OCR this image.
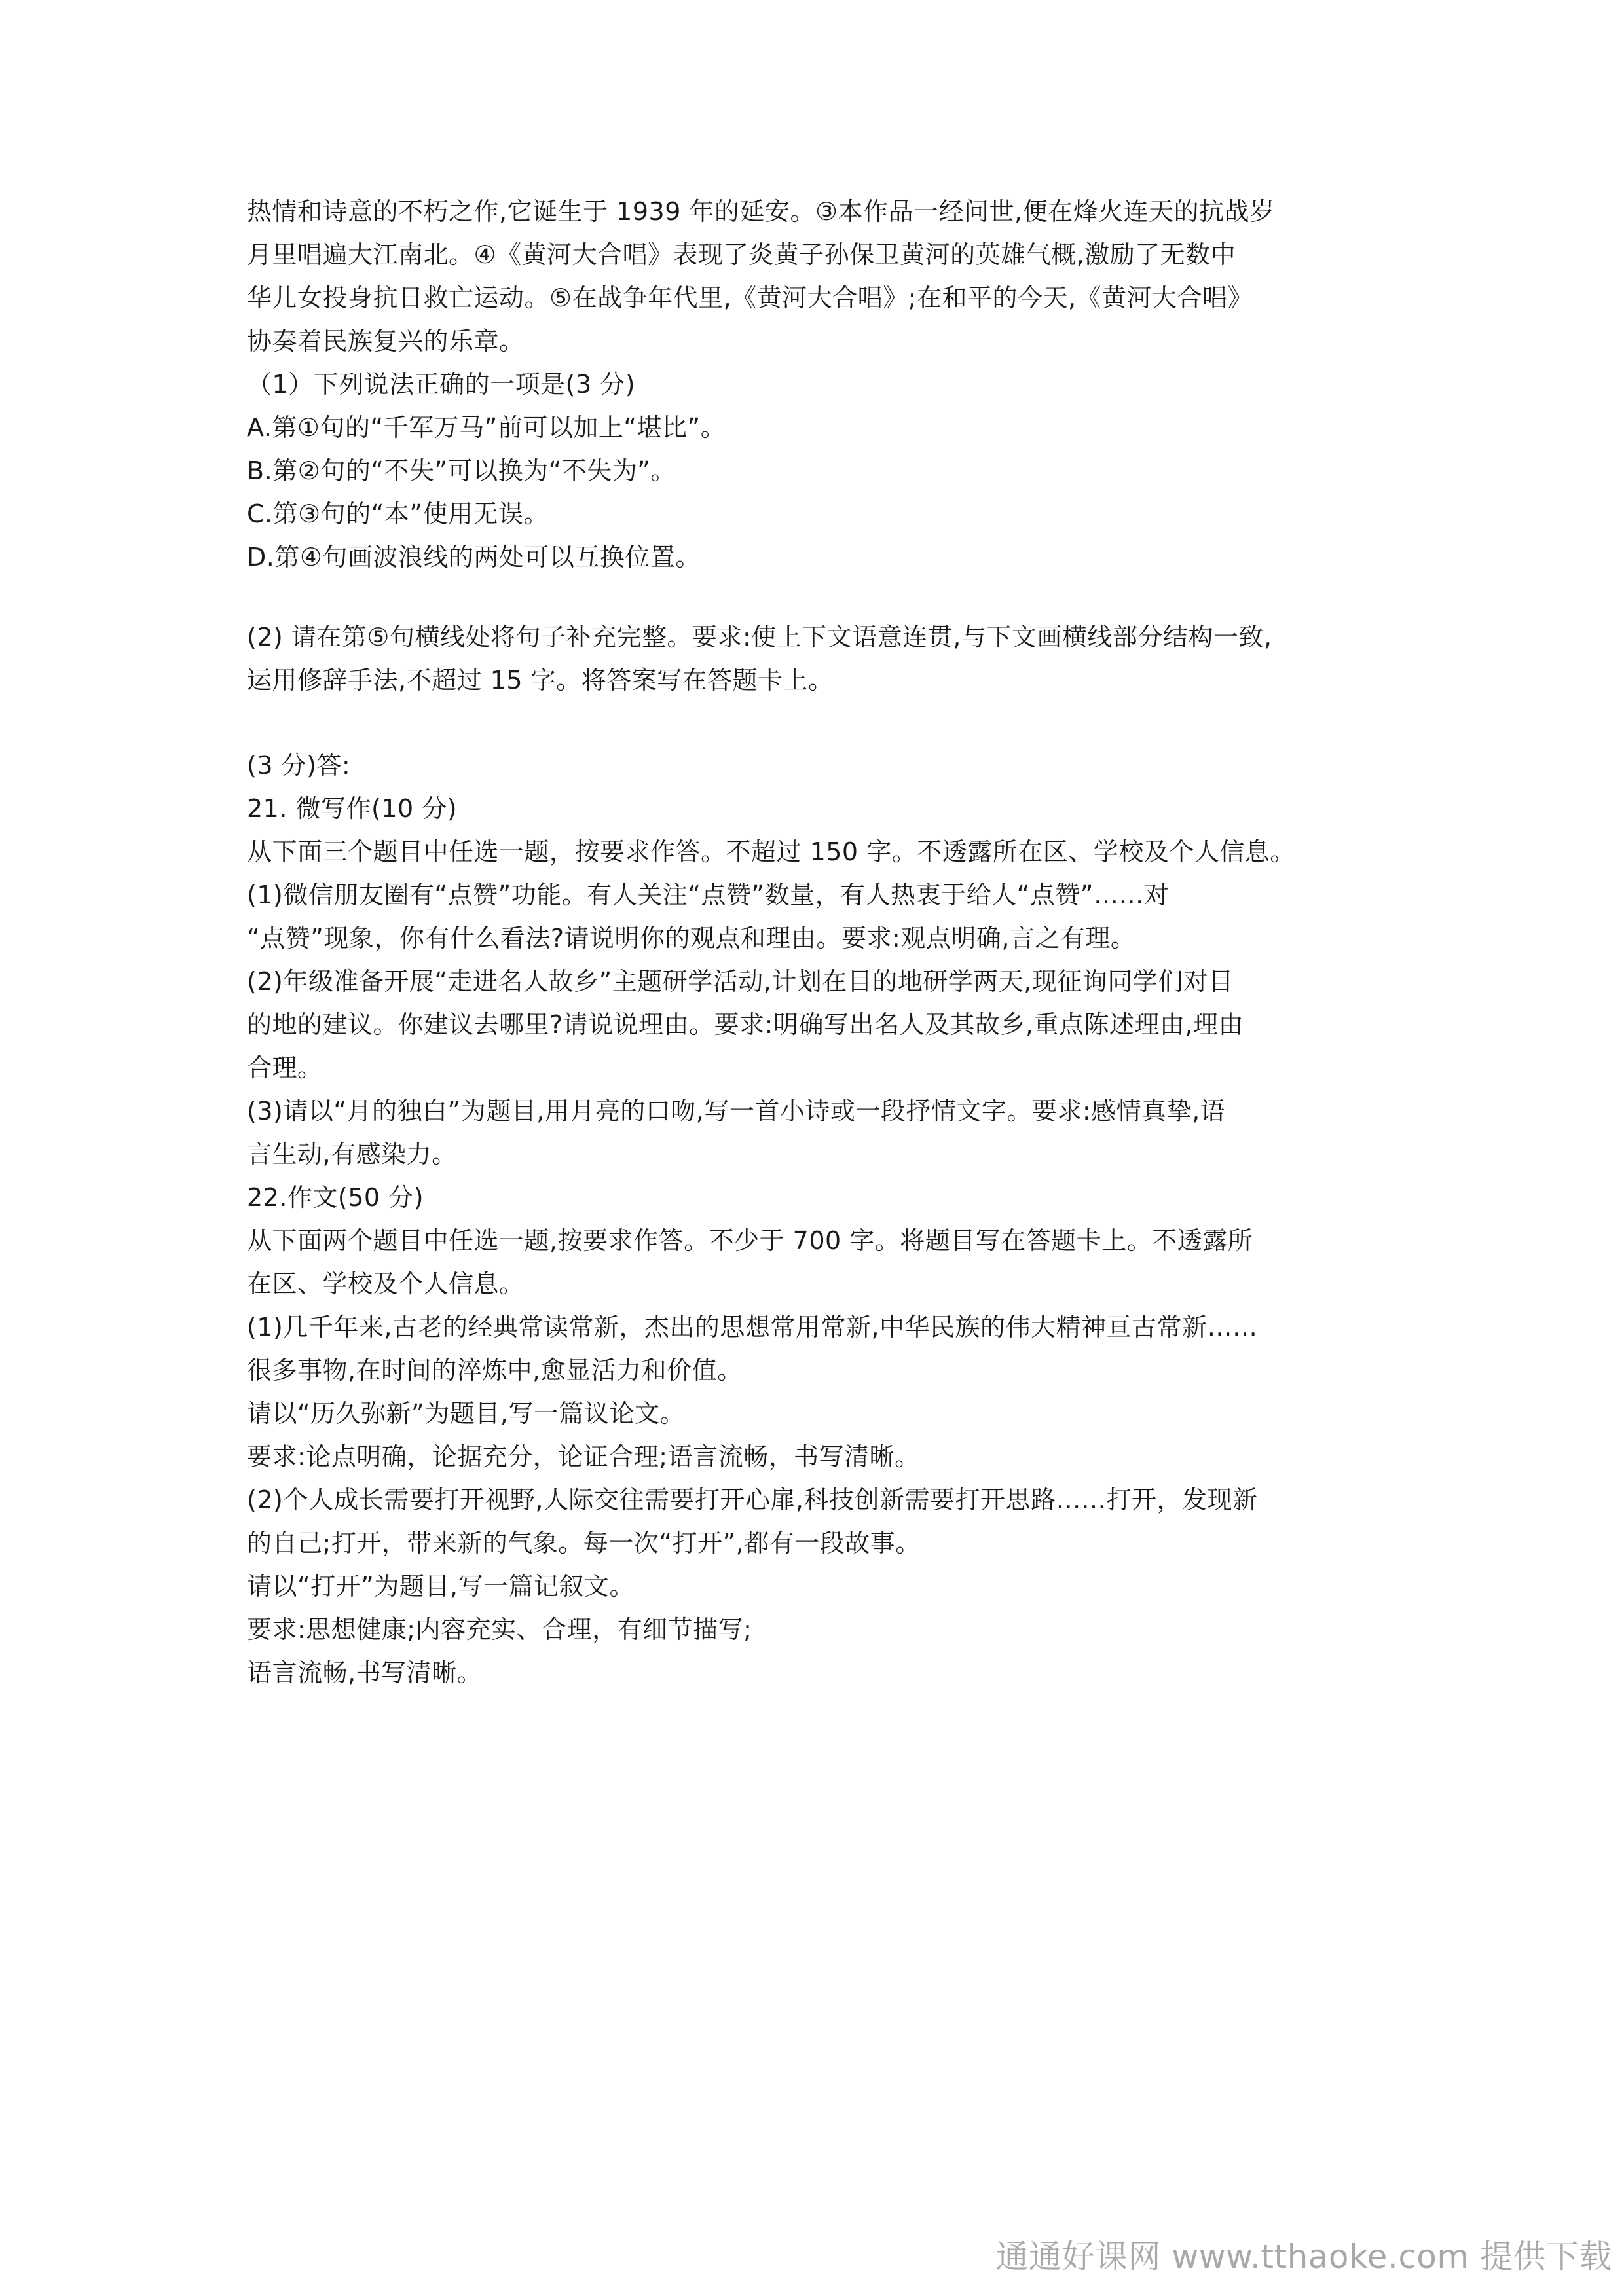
热情和诗意的不朽之作,它诞生于 1939 年的延安。③本作品一经问世,便在烽火连天的抗战岁
月里唱遍大江南北。④《黄河大合唱》表现了炎黄子孙保卫黄河的英雄气概,激励了无数中
华儿女投身抗日救亡运动。⑤在战争年代里,《黄河大合唱》;在和平的今天,《黄河大合唱》
协奏着民族复兴的乐章。
（1）下列说法正确的一项是(3 分)
A.第①句的“千军万马”前可以加上“堪比”。
B.第②句的“不失”可以换为“不失为”。
C.第③句的“本”使用无误。
D.第④句画波浪线的两处可以互换位置。
(2) 请在第⑤句横线处将句子补充完整。要求:使上下文语意连贯,与下文画横线部分结构一致,
运用修辞手法,不超过 15 字。将答案写在答题卡上。
(3 分)答:
21. 微写作(10 分)
从下面三个题目中任选一题，按要求作答。不超过 150 字。不透露所在区、学校及个人信息。
(1)微信朋友圈有“点赞”功能。有人关注“点赞”数量，有人热衷于给人“点赞”……对
“点赞”现象，你有什么看法?请说明你的观点和理由。要求:观点明确,言之有理。
(2)年级准备开展“走进名人故乡”主题研学活动,计划在目的地研学两天,现征询同学们对目
的地的建议。你建议去哪里?请说说理由。要求:明确写出名人及其故乡,重点陈述理由,理由
合理。
(3)请以“月的独白”为题目,用月亮的口吻,写一首小诗或一段抒情文字。要求:感情真挚,语
言生动,有感染力。
22.作文(50 分)
从下面两个题目中任选一题,按要求作答。不少于 700 字。将题目写在答题卡上。不透露所
在区、学校及个人信息。
(1)几千年来,古老的经典常读常新，杰出的思想常用常新,中华民族的伟大精神亘古常新……
很多事物,在时间的淬炼中,愈显活力和价值。
请以“历久弥新”为题目,写一篇议论文。
要求:论点明确，论据充分，论证合理;语言流畅，书写清晰。
(2)个人成长需要打开视野,人际交往需要打开心扉,科技创新需要打开思路……打开，发现新
的自己;打开，带来新的气象。每一次“打开”,都有一段故事。
请以“打开”为题目,写一篇记叙文。
要求:思想健康;内容充实、合理，有细节描写;
语言流畅,书写清晰。
通通好课网 www.tthaoke.com 提供下载
